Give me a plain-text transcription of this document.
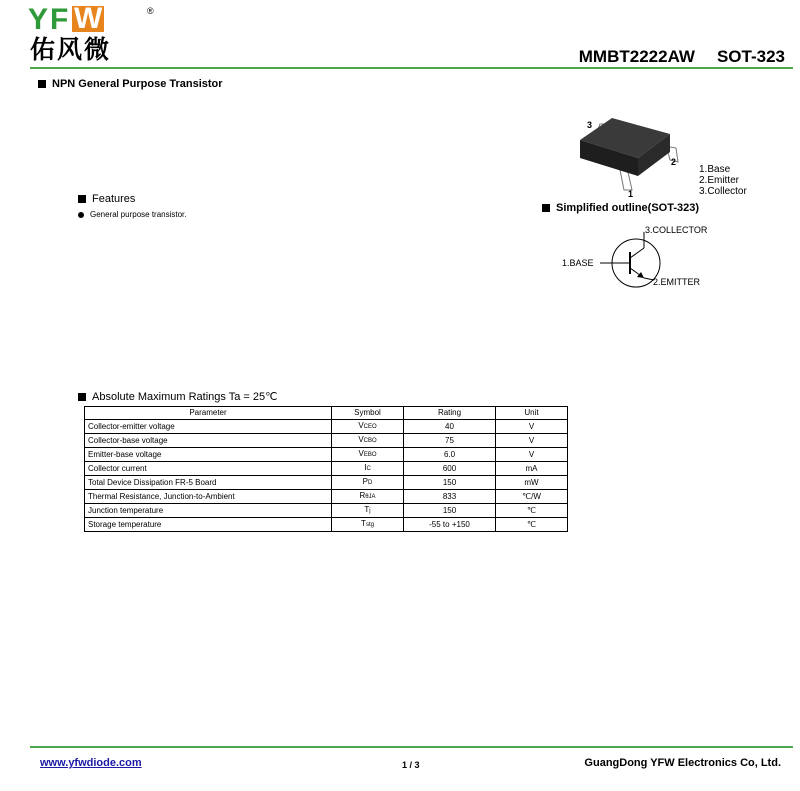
Y F W	®
佑风微	MMBT2222AW SOT-323
NPN General Purpose Transistor
3
2
1
1.Base
2.Emitter
3.Collector
Features
General purpose transistor.
Simplified outline(SOT-323)
3.COLLECTOR
1.BASE
2.EMITTER
Absolute Maximum Ratings Ta = 25℃
Parameter	Symbol	Rating	Unit
Collector-emitter voltage	VCEO	40	V
Collector-base voltage	VCBO	75	V
Emitter-base voltage	VEBO	6.0	V
Collector current	IC	600	mA
Total Device Dissipation FR-5 Board	PD	150	mW
Thermal Resistance, Junction-to-Ambient	RθJA	833	℃/W
Junction temperature	Tj	150	℃
Storage temperature	Tstg	-55 to +150	℃
www.yfwdiode.com	1 / 3	GuangDong YFW Electronics Co, Ltd.
